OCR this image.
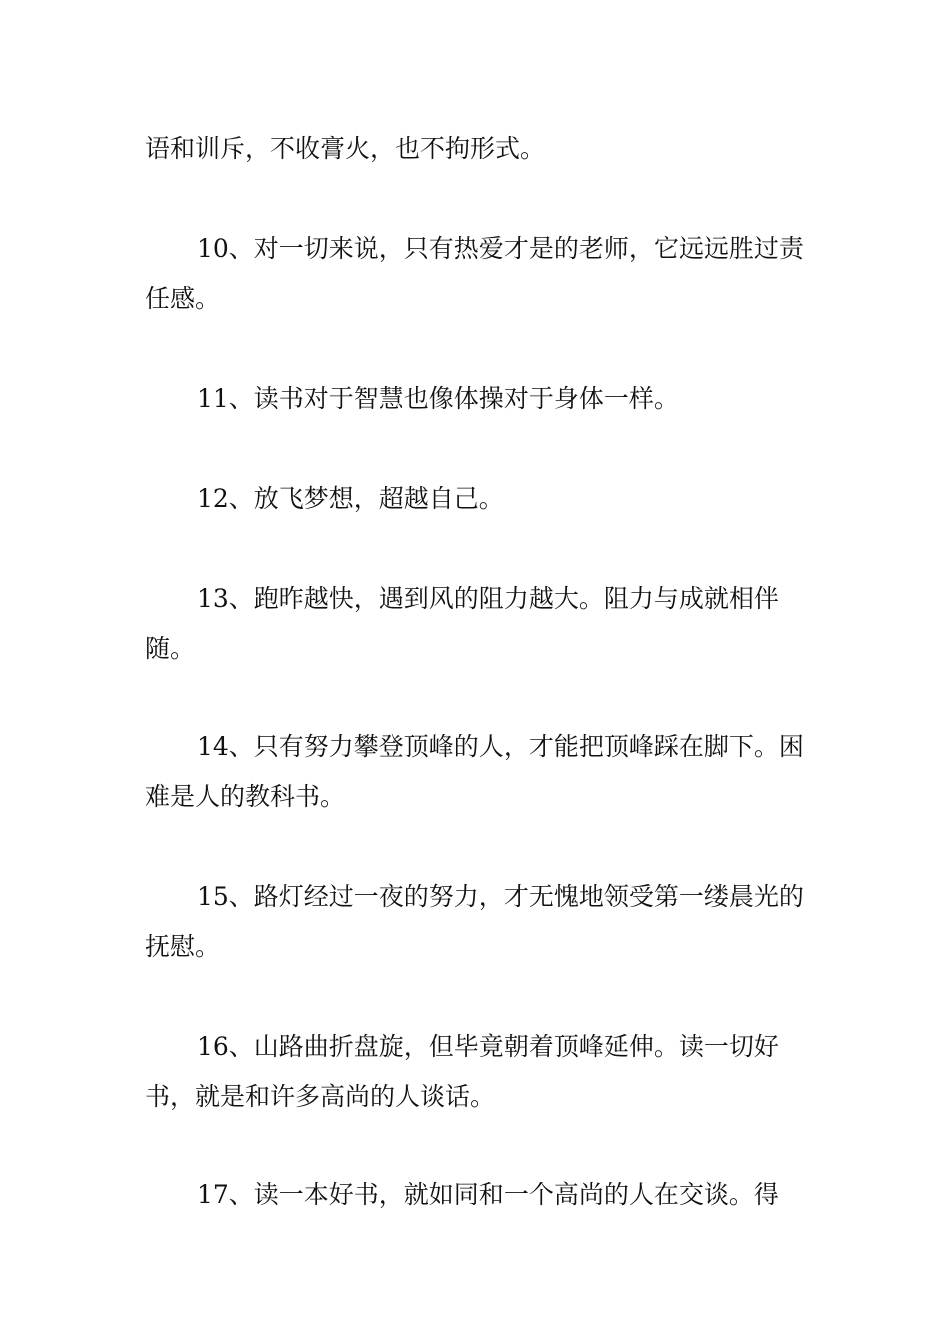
语和训斥，不收膏火，也不拘形式。

10、对一切来说，只有热爱才是的老师，它远远胜过责任感。

11、读书对于智慧也像体操对于身体一样。

12、放飞梦想，超越自己。

13、跑昨越快，遇到风的阻力越大。阻力与成就相伴随。

14、只有努力攀登顶峰的人，才能把顶峰踩在脚下。困难是人的教科书。

15、路灯经过一夜的努力，才无愧地领受第一缕晨光的抚慰。

16、山路曲折盘旋，但毕竟朝着顶峰延伸。读一切好书，就是和许多高尚的人谈话。

17、读一本好书，就如同和一个高尚的人在交谈。得
